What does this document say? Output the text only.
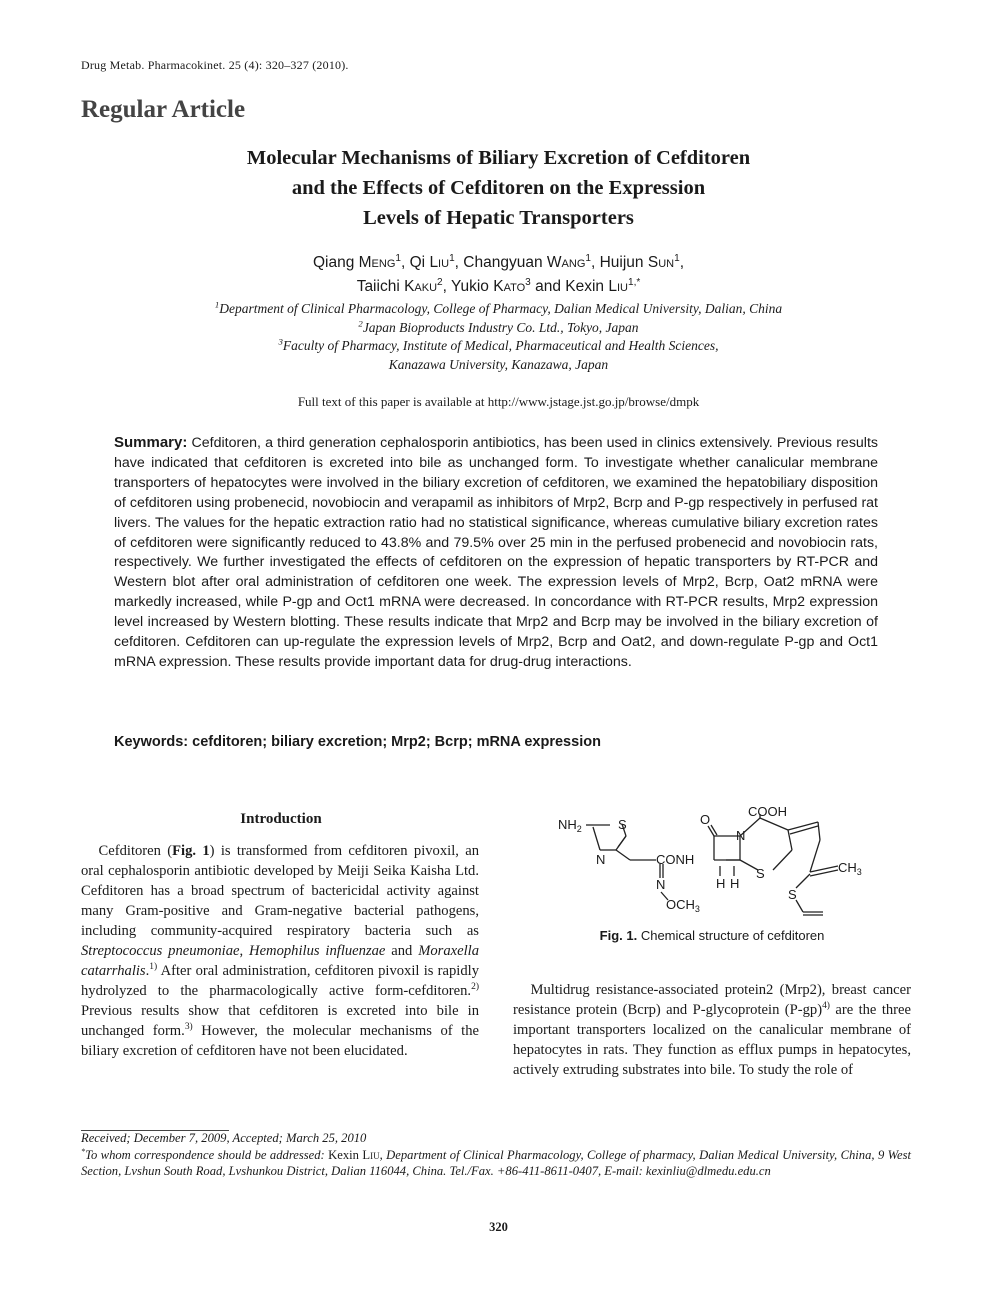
Drug Metab. Pharmacokinet. 25 (4): 320–327 (2010).
Regular Article
Molecular Mechanisms of Biliary Excretion of Cefditoren
and the Effects of Cefditoren on the Expression
Levels of Hepatic Transporters
Qiang Meng$^1$, Qi Liu$^1$, Changyuan Wang$^1$, Huijun Sun$^1$,
Taiichi Kaku$^2$, Yukio Kato$^3$ and Kexin Liu$^{1,*}$
$^1$Department of Clinical Pharmacology, College of Pharmacy, Dalian Medical University, Dalian, China
$^2$Japan Bioproducts Industry Co. Ltd., Tokyo, Japan
$^3$Faculty of Pharmacy, Institute of Medical, Pharmaceutical and Health Sciences,
Kanazawa University, Kanazawa, Japan
Full text of this paper is available at http://www.jstage.jst.go.jp/browse/dmpk
Summary: Cefditoren, a third generation cephalosporin antibiotics, has been used in clinics extensively. Previous results have indicated that cefditoren is excreted into bile as unchanged form. To investigate whether canalicular membrane transporters of hepatocytes were involved in the biliary excretion of cefditoren, we examined the hepatobiliary disposition of cefditoren using probenecid, novobiocin and verapamil as inhibitors of Mrp2, Bcrp and P-gp respectively in perfused rat livers. The values for the hepatic extraction ratio had no statistical significance, whereas cumulative biliary excretion rates of cefditoren were significantly reduced to 43.8% and 79.5% over 25 min in the perfused probenecid and novobiocin rats, respectively. We further investigated the effects of cefditoren on the expression of hepatic transporters by RT-PCR and Western blot after oral administration of cefditoren one week. The expression levels of Mrp2, Bcrp, Oat2 mRNA were markedly increased, while P-gp and Oct1 mRNA were decreased. In concordance with RT-PCR results, Mrp2 expression level increased by Western blotting. These results indicate that Mrp2 and Bcrp may be involved in the biliary excretion of cefditoren. Cefditoren can up-regulate the expression levels of Mrp2, Bcrp and Oat2, and down-regulate P-gp and Oct1 mRNA expression. These results provide important data for drug-drug interactions.
Keywords: cefditoren; biliary excretion; Mrp2; Bcrp; mRNA expression
Introduction

Cefditoren (Fig. 1) is transformed from cefditoren pivoxil, an oral cephalosporin antibiotic developed by Meiji Seika Kaisha Ltd. Cefditoren has a broad spectrum of bactericidal activity against many Gram-positive and Gram-negative bacterial pathogens, including community-acquired respiratory bacteria such as Streptococcus pneumoniae, Hemophilus influenzae and Moraxella catarrhalis.$^{1)}$ After oral administration, cefditoren pivoxil is rapidly hydrolyzed to the pharmacologically active form-cefditoren.$^{2)}$ Previous results show that cefditoren is excreted into bile in unchanged form.$^{3)}$ However, the molecular mechanisms of the biliary excretion of cefditoren have not been elucidated.

$NH_2$	S
N	CONH
N
$OCH_3$
O
N
COOH
H H
S	$CH_3$
S
Fig. 1. Chemical structure of cefditoren

Multidrug resistance-associated protein2 (Mrp2), breast cancer resistance protein (Bcrp) and P-glycoprotein $(P-gp)^{4)}$ are the three important transporters localized on the canalicular membrane of hepatocytes in rats. They function as efflux pumps in hepatocytes, actively extruding substrates into bile. To study the role of

Received; December 7, 2009, Accepted; March 25, 2010
*To whom correspondence should be addressed: Kexin Liu, Department of Clinical Pharmacology, College of pharmacy, Dalian Medical University, China, 9 West Section, Lvshun South Road, Lvshunkou District, Dalian 116044, China. Tel./Fax. +86-411-8611-0407, E-mail: kexinliu@dlmedu.edu.cn
320
